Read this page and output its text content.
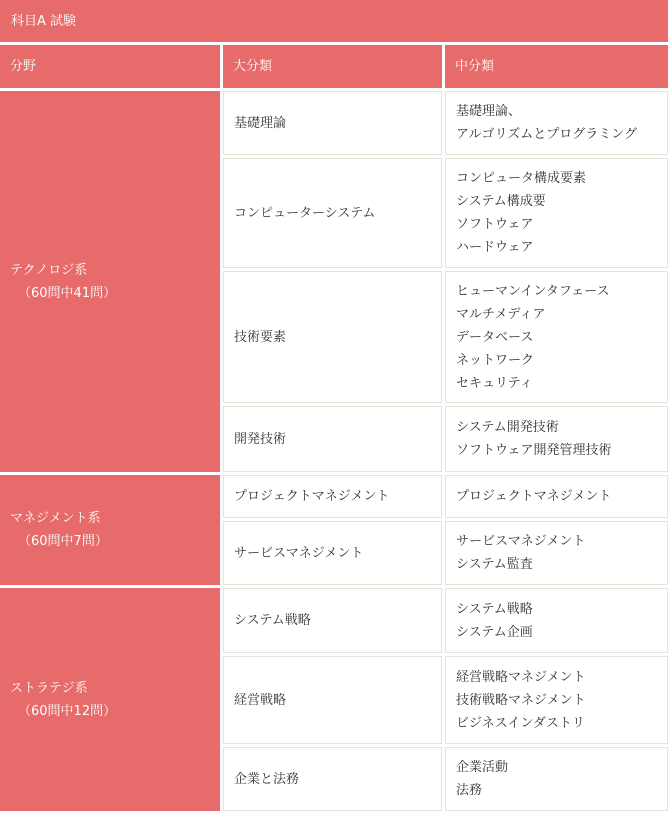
科目A 試験		
分野	大分類	中分類

テクノロジ系
（60問中41問）	基礎理論	基礎理論、
アルゴリズムとプログラミング

	コンピューターシステム	コンピュータ構成要素
システム構成要
ソフトウェア
ハードウェア

	技術要素	ヒューマンインタフェース
マルチメディア
データベース
ネットワーク
セキュリティ

	開発技術	システム開発技術
ソフトウェア開発管理技術

マネジメント系
（60問中7問）	プロジェクトマネジメント	プロジェクトマネジメント

	サービスマネジメント	サービスマネジメント
システム監査

ストラテジ系
（60問中12問）	システム戦略	システム戦略
システム企画

	経営戦略	経営戦略マネジメント
技術戦略マネジメント
ビジネスインダストリ

	企業と法務	企業活動
法務
